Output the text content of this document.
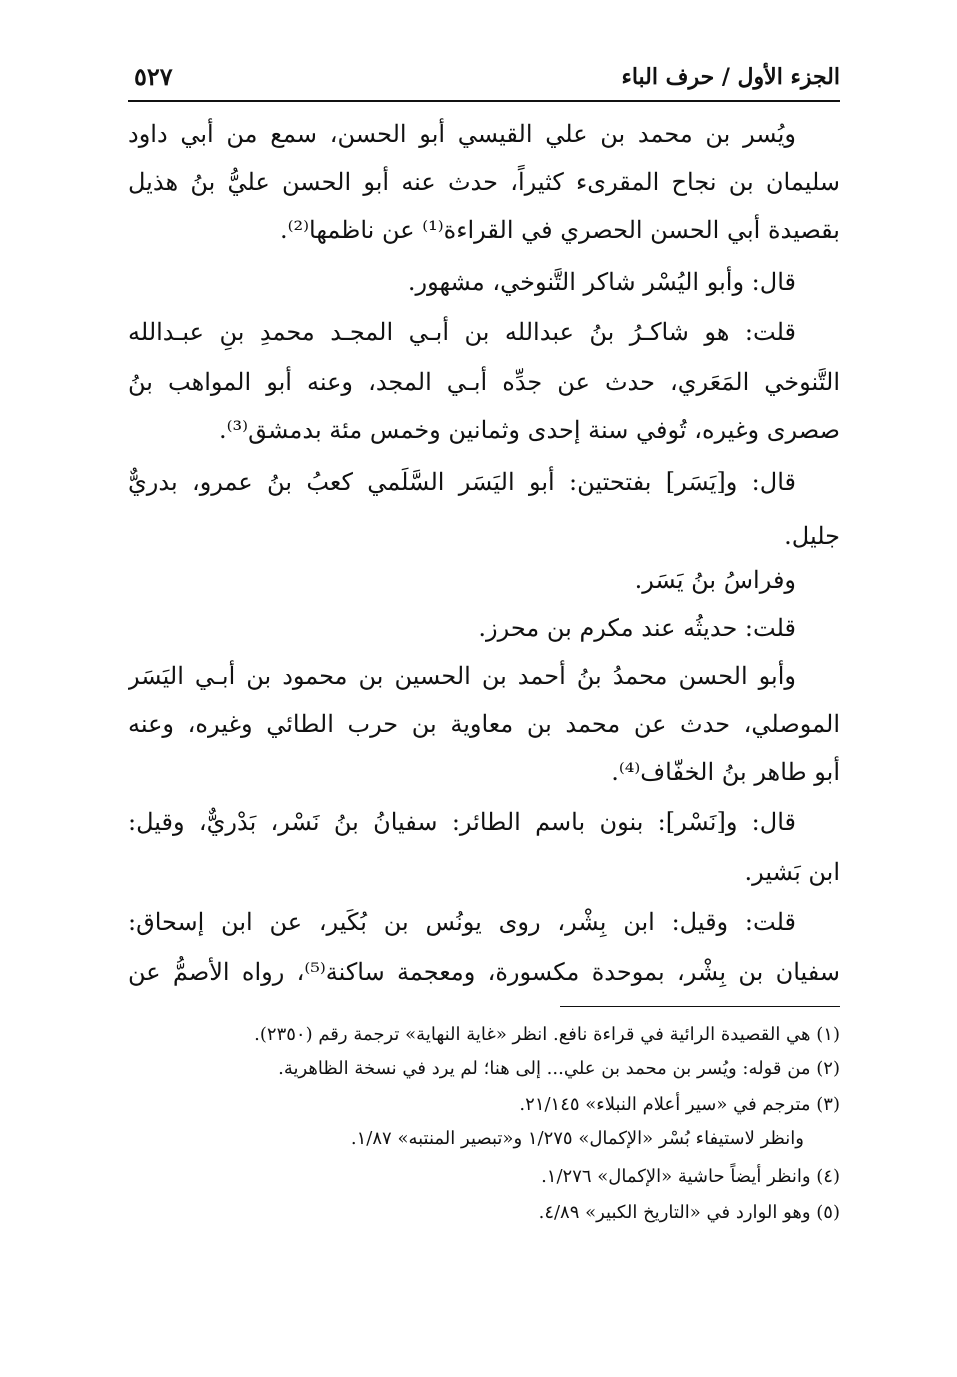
الجزء الأول / حرف الباء
٥٢٧
ويُسر بن محمد بن علي القيسي أبو الحسن، سمع من أبي داود
سليمان بن نجاح المقرىء كثيراً، حدث عنه أبو الحسن عليُّ بنُ هذيل
بقصيدة أبي الحسن الحصري في القراءة⁽¹⁾ عن ناظمها⁽²⁾.
قال: وأبو اليُسْر شاكر التَّنوخي، مشهور.
قلت: هو شاكـرُ بنُ عبدالله بن أبـي المجـد محمدِ بنِ عبـدالله
التَّنوخي المَعَري، حدث عن جدِّه أبـي المجد، وعنه أبو المواهب بنُ
صصرى وغيره، تُوفي سنة إحدى وثمانين وخمس مئة بدمشق⁽³⁾.
قال: و[يَسَر] بفتحتين: أبو اليَسَر السَّلَمي كعبُ بنُ عمرو، بدريٌّ
جليل.
وفراسُ بنُ يَسَر.
قلت: حديثُه عند مكرم بن محرز.
وأبو الحسن محمدُ بنُ أحمد بن الحسين بن محمود بن أبـي اليَسَر
الموصلي، حدث عن محمد بن معاوية بن حرب الطائي وغيره، وعنه
أبو طاهر بنُ الخفّاف⁽⁴⁾.
قال: و[نَسْر]: بنون باسم الطائر: سفيانُ بنُ نَسْر، بَدْريٌّ، وقيل:
ابن بَشير.
قلت: وقيل: ابن بِشْر، روى يونُس بن بُكَير، عن ابن إسحاق:
سفيان بن بِشْر، بموحدة مكسورة، ومعجمة ساكنة⁽⁵⁾، رواه الأصمُّ عن
(١) هي القصيدة الرائية في قراءة نافع. انظر «غاية النهاية» ترجمة رقم (٢٣٥٠).
(٢) من قوله: ويُسر بن محمد بن علي... إلى هنا؛ لم يرد في نسخة الظاهرية.
(٣) مترجم في «سير أعلام النبلاء» ٢١/١٤٥.
وانظر لاستيفاء بُسْر «الإكمال» ١/٢٧٥ و«تبصير المنتبه» ١/٨٧.
(٤) وانظر أيضاً حاشية «الإكمال» ١/٢٧٦.
(٥) وهو الوارد في «التاريخ الكبير» ٤/٨٩.
